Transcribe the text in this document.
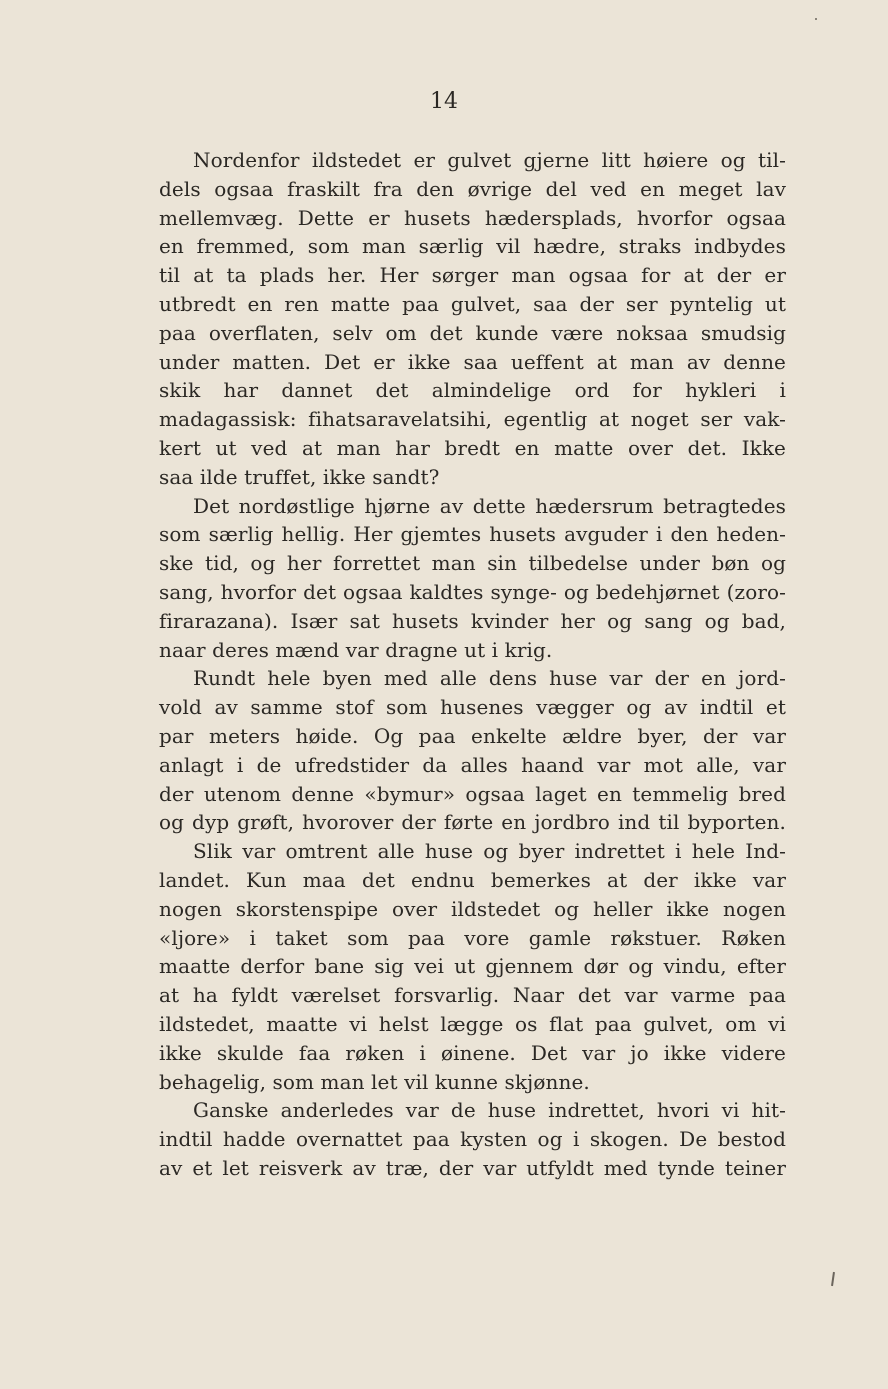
14
Nordenfor ildstedet er gulvet gjerne litt høiere og til-
dels ogsaa fraskilt fra den øvrige del ved en meget lav
mellemvæg. Dette er husets hædersplads, hvorfor ogsaa
en fremmed, som man særlig vil hædre, straks indbydes
til at ta plads her. Her sørger man ogsaa for at der er
utbredt en ren matte paa gulvet, saa der ser pyntelig ut
paa overflaten, selv om det kunde være noksaa smudsig
under matten. Det er ikke saa ueffent at man av denne
skik har dannet det almindelige ord for hykleri i
madagassisk: fihatsaravelatsihi, egentlig at noget ser vak-
kert ut ved at man har bredt en matte over det. Ikke
saa ilde truffet, ikke sandt?
Det nordøstlige hjørne av dette hædersrum betragtedes
som særlig hellig. Her gjemtes husets avguder i den heden-
ske tid, og her forrettet man sin tilbedelse under bøn og
sang, hvorfor det ogsaa kaldtes synge- og bedehjørnet (zoro-
firarazana). Især sat husets kvinder her og sang og bad,
naar deres mænd var dragne ut i krig.
Rundt hele byen med alle dens huse var der en jord-
vold av samme stof som husenes vægger og av indtil et
par meters høide. Og paa enkelte ældre byer, der var
anlagt i de ufredstider da alles haand var mot alle, var
der utenom denne «bymur» ogsaa laget en temmelig bred
og dyp grøft, hvorover der førte en jordbro ind til byporten.
Slik var omtrent alle huse og byer indrettet i hele Ind-
landet. Kun maa det endnu bemerkes at der ikke var
nogen skorstenspipe over ildstedet og heller ikke nogen
«ljore» i taket som paa vore gamle røkstuer. Røken
maatte derfor bane sig vei ut gjennem dør og vindu, efter
at ha fyldt værelset forsvarlig. Naar det var varme paa
ildstedet, maatte vi helst lægge os flat paa gulvet, om vi
ikke skulde faa røken i øinene. Det var jo ikke videre
behagelig, som man let vil kunne skjønne.
Ganske anderledes var de huse indrettet, hvori vi hit-
indtil hadde overnattet paa kysten og i skogen. De bestod
av et let reisverk av træ, der var utfyldt med tynde teiner
